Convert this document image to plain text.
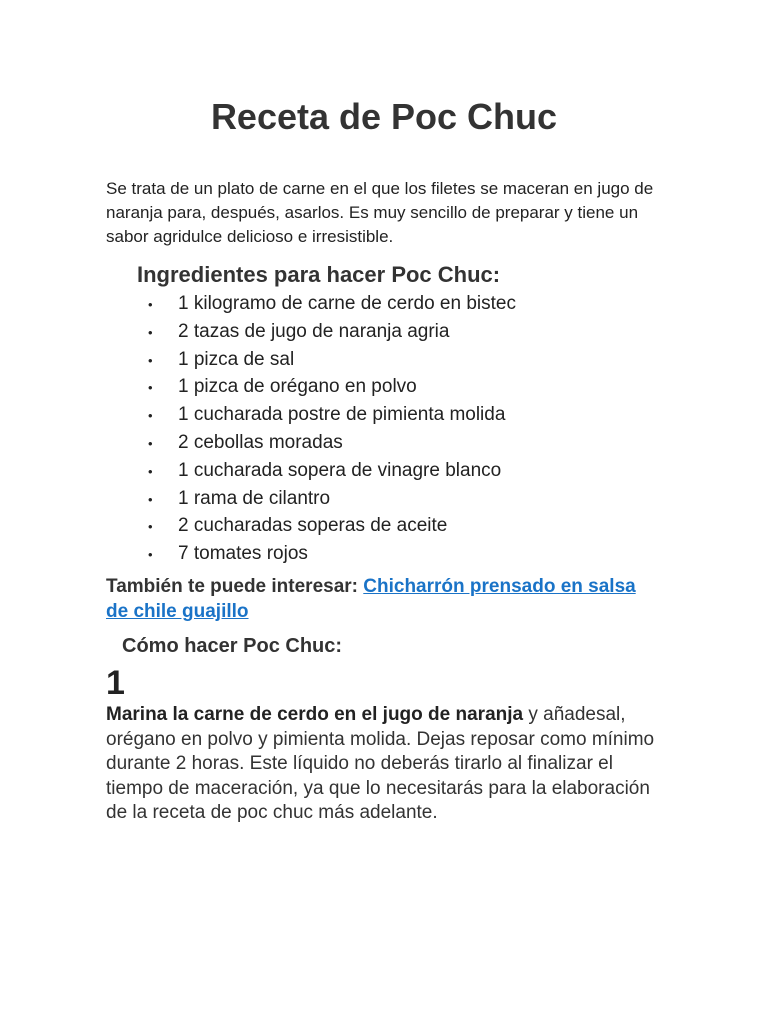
Receta de Poc Chuc

Se trata de un plato de carne en el que los filetes se maceran en jugo de naranja para, después, asarlos. Es muy sencillo de preparar y tiene un sabor agridulce delicioso e irresistible.

Ingredientes para hacer Poc Chuc:
• 1 kilogramo de carne de cerdo en bistec
• 2 tazas de jugo de naranja agria
• 1 pizca de sal
• 1 pizca de orégano en polvo
• 1 cucharada postre de pimienta molida
• 2 cebollas moradas
• 1 cucharada sopera de vinagre blanco
• 1 rama de cilantro
• 2 cucharadas soperas de aceite
• 7 tomates rojos

También te puede interesar: Chicharrón prensado en salsa de chile guajillo

Cómo hacer Poc Chuc:
1

Marina la carne de cerdo en el jugo de naranja y añadesal, orégano en polvo y pimienta molida. Dejas reposar como mínimo durante 2 horas. Este líquido no deberás tirarlo al finalizar el tiempo de maceración, ya que lo necesitarás para la elaboración de la receta de poc chuc más adelante.
